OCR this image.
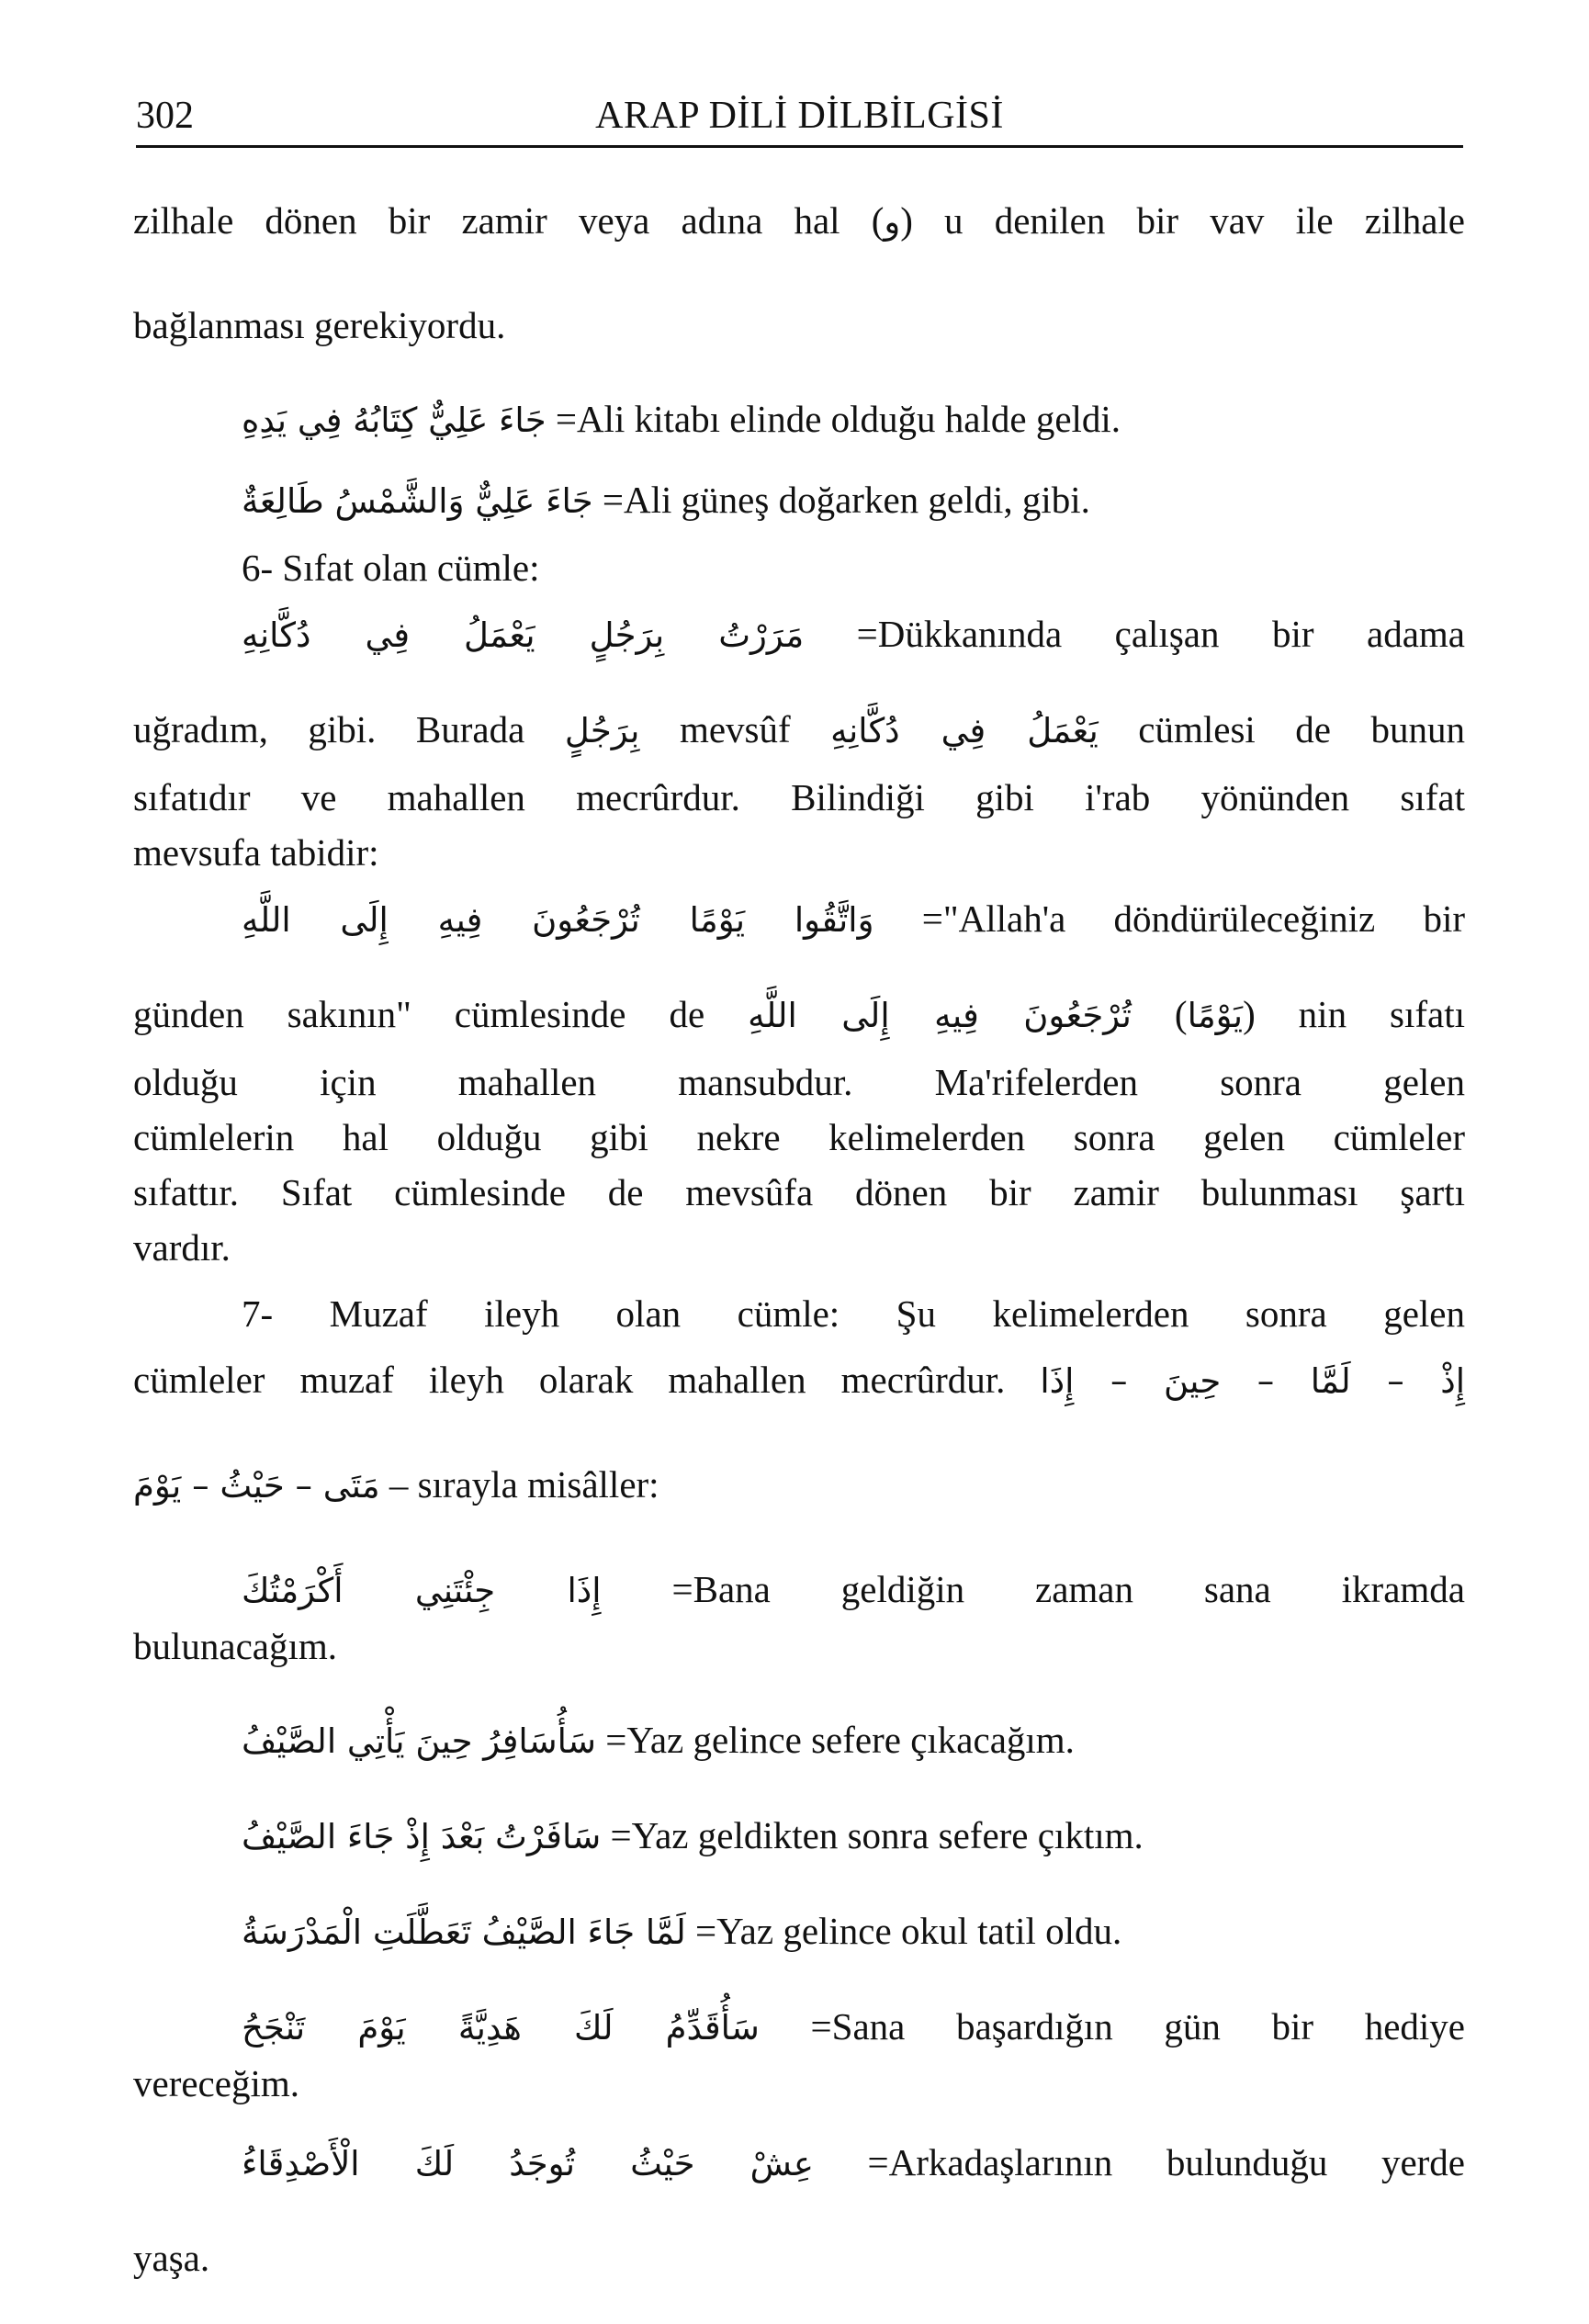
302	ARAP DİLİ DİLBİLGİSİ

zilhale dönen bir zamir veya adına hal (و) u denilen bir vav ile zilhale

bağlanması gerekiyordu.

جَاءَ عَلِيٌّ كِتَابُهُ فِي يَدِهِ =Ali kitabı elinde olduğu halde geldi.

جَاءَ عَلِيٌّ وَالشَّمْسُ طَالِعَةٌ =Ali güneş doğarken geldi, gibi.

6- Sıfat olan cümle:

مَرَرْتُ بِرَجُلٍ يَعْمَلُ فِي دُكَّانِهِ =Dükkanında çalışan bir adama

uğradım, gibi. Burada بِرَجُلٍ mevsûf يَعْمَلُ فِي دُكَّانِهِ cümlesi de bunun

sıfatıdır ve mahallen mecrûrdur. Bilindiği gibi i'rab yönünden sıfat

mevsufa tabidir:

وَاتَّقُوا يَوْمًا تُرْجَعُونَ فِيهِ إِلَى اللَّهِ ="Allah'a döndürüleceğiniz bir

günden sakının" cümlesinde de تُرْجَعُونَ فِيهِ إِلَى اللَّهِ (يَوْمًا) nin sıfatı

olduğu için mahallen mansubdur. Ma'rifelerden sonra gelen

cümlelerin hal olduğu gibi nekre kelimelerden sonra gelen cümleler

sıfattır. Sıfat cümlesinde de mevsûfa dönen bir zamir bulunması şartı

vardır.

7- Muzaf ileyh olan cümle: Şu kelimelerden sonra gelen

cümleler muzaf ileyh olarak mahallen mecrûrdur. إِذْ – لَمَّا – حِينَ – إِذَا

مَتَى – حَيْثُ – يَوْمَ – sırayla misâller:

إِذَا جِئْتَنِي أَكْرَمْتُكَ =Bana geldiğin zaman sana ikramda

bulunacağım.

سَأُسَافِرُ حِينَ يَأْتِي الصَّيْفُ =Yaz gelince sefere çıkacağım.

سَافَرْتُ بَعْدَ إِذْ جَاءَ الصَّيْفُ =Yaz geldikten sonra sefere çıktım.

لَمَّا جَاءَ الصَّيْفُ تَعَطَّلَتِ الْمَدْرَسَةُ =Yaz gelince okul tatil oldu.

سَأُقَدِّمُ لَكَ هَدِيَّةً يَوْمَ تَنْجَحُ =Sana başardığın gün bir hediye

vereceğim.

عِشْ حَيْثُ تُوجَدُ لَكَ الْأَصْدِقَاءُ =Arkadaşlarının bulunduğu yerde

yaşa.
